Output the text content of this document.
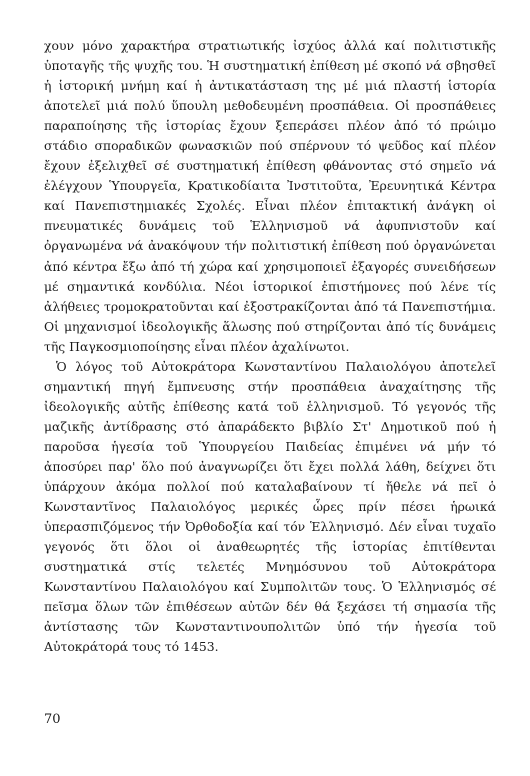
χουν μόνο χαρακτήρα στρατιωτικής ἰσχύος ἀλλά καί πολιτιστικῆς ὑποταγῆς τῆς ψυχῆς του. Ἡ συστηματική ἐπίθεση μέ σκοπό νά σβησθεῖ ἡ ἱστορική μνήμη καί ἡ ἀντικατάσταση της μέ μιά πλαστή ἱστορία ἀποτελεῖ μιά πολύ ὕπουλη μεθοδευμένη προσπάθεια. Οἱ προσπάθειες παραποίησης τῆς ἱστορίας ἔχουν ξεπεράσει πλέον ἀπό τό πρώιμο στάδιο σποραδικῶν φωνασκιῶν πού σπέρνουν τό ψεῦδος καί πλέον ἔχουν ἐξελιχθεῖ σέ συστηματική ἐπίθεση φθάνοντας στό σημεῖο νά ἐλέγχουν Ὑπουργεῖα, Κρατικοδίαιτα Ἰνστιτοῦτα, Ἐρευνητικά Κέντρα καί Πανεπιστημιακές Σχολές. Εἶναι πλέον ἐπιτακτική ἀνάγκη οἱ πνευματικές δυνάμεις τοῦ Ἑλληνισμοῦ νά ἀφυπνιστοῦν καί ὀργανωμένα νά ἀνακόψουν τήν πολιτιστική ἐπίθεση πού ὀργανώνεται ἀπό κέντρα ἔξω ἀπό τή χώρα καί χρησιμοποιεῖ ἐξαγορές συνειδήσεων μέ σημαντικά κονδύλια. Νέοι ἱστορικοί ἐπιστήμονες πού λένε τίς ἀλήθειες τρομοκρατοῦνται καί ἐξοστρακίζονται ἀπό τά Πανεπιστήμια. Οἱ μηχανισμοί ἰδεολογικῆς ἅλωσης πού στηρίζονται ἀπό τίς δυνάμεις τῆς Παγκοσμιοποίησης εἶναι πλέον ἀχαλίνωτοι.

Ὁ λόγος τοῦ Αὐτοκράτορα Κωνσταντίνου Παλαιολόγου ἀποτελεῖ σημαντική πηγή ἔμπνευσης στήν προσπάθεια ἀναχαίτησης τῆς ἰδεολογικῆς αὐτῆς ἐπίθεσης κατά τοῦ ἑλληνισμοῦ. Τό γεγονός τῆς μαζικῆς ἀντίδρασης στό ἀπαράδεκτο βιβλίο Στ' Δημοτικοῦ πού ἡ παροῦσα ἡγεσία τοῦ Ὑπουργείου Παιδείας ἐπιμένει νά μήν τό ἀποσύρει παρ' ὅλο πού ἀναγνωρίζει ὅτι ἔχει πολλά λάθη, δείχνει ὅτι ὑπάρχουν ἀκόμα πολλοί πού καταλαβαίνουν τί ἤθελε νά πεῖ ὁ Κωνσταντῖνος Παλαιολόγος μερικές ὧρες πρίν πέσει ἡρωικά ὑπερασπιζόμενος τήν Ὀρθοδοξία καί τόν Ἑλληνισμό. Δέν εἶναι τυχαῖο γεγονός ὅτι ὅλοι οἱ ἀναθεωρητές τῆς ἱστορίας ἐπιτίθενται συστηματικά στίς τελετές Μνημόσυνου τοῦ Αὐτοκράτορα Κωνσταντίνου Παλαιολόγου καί Συμπολιτῶν τους. Ὁ Ἑλληνισμός σέ πεῖσμα ὅλων τῶν ἐπιθέσεων αὐτῶν δέν θά ξεχάσει τή σημασία τῆς ἀντίστασης τῶν Κωνσταντινουπολιτῶν ὑπό τήν ἡγεσία τοῦ Αὐτοκράτορά τους τό 1453.

70
